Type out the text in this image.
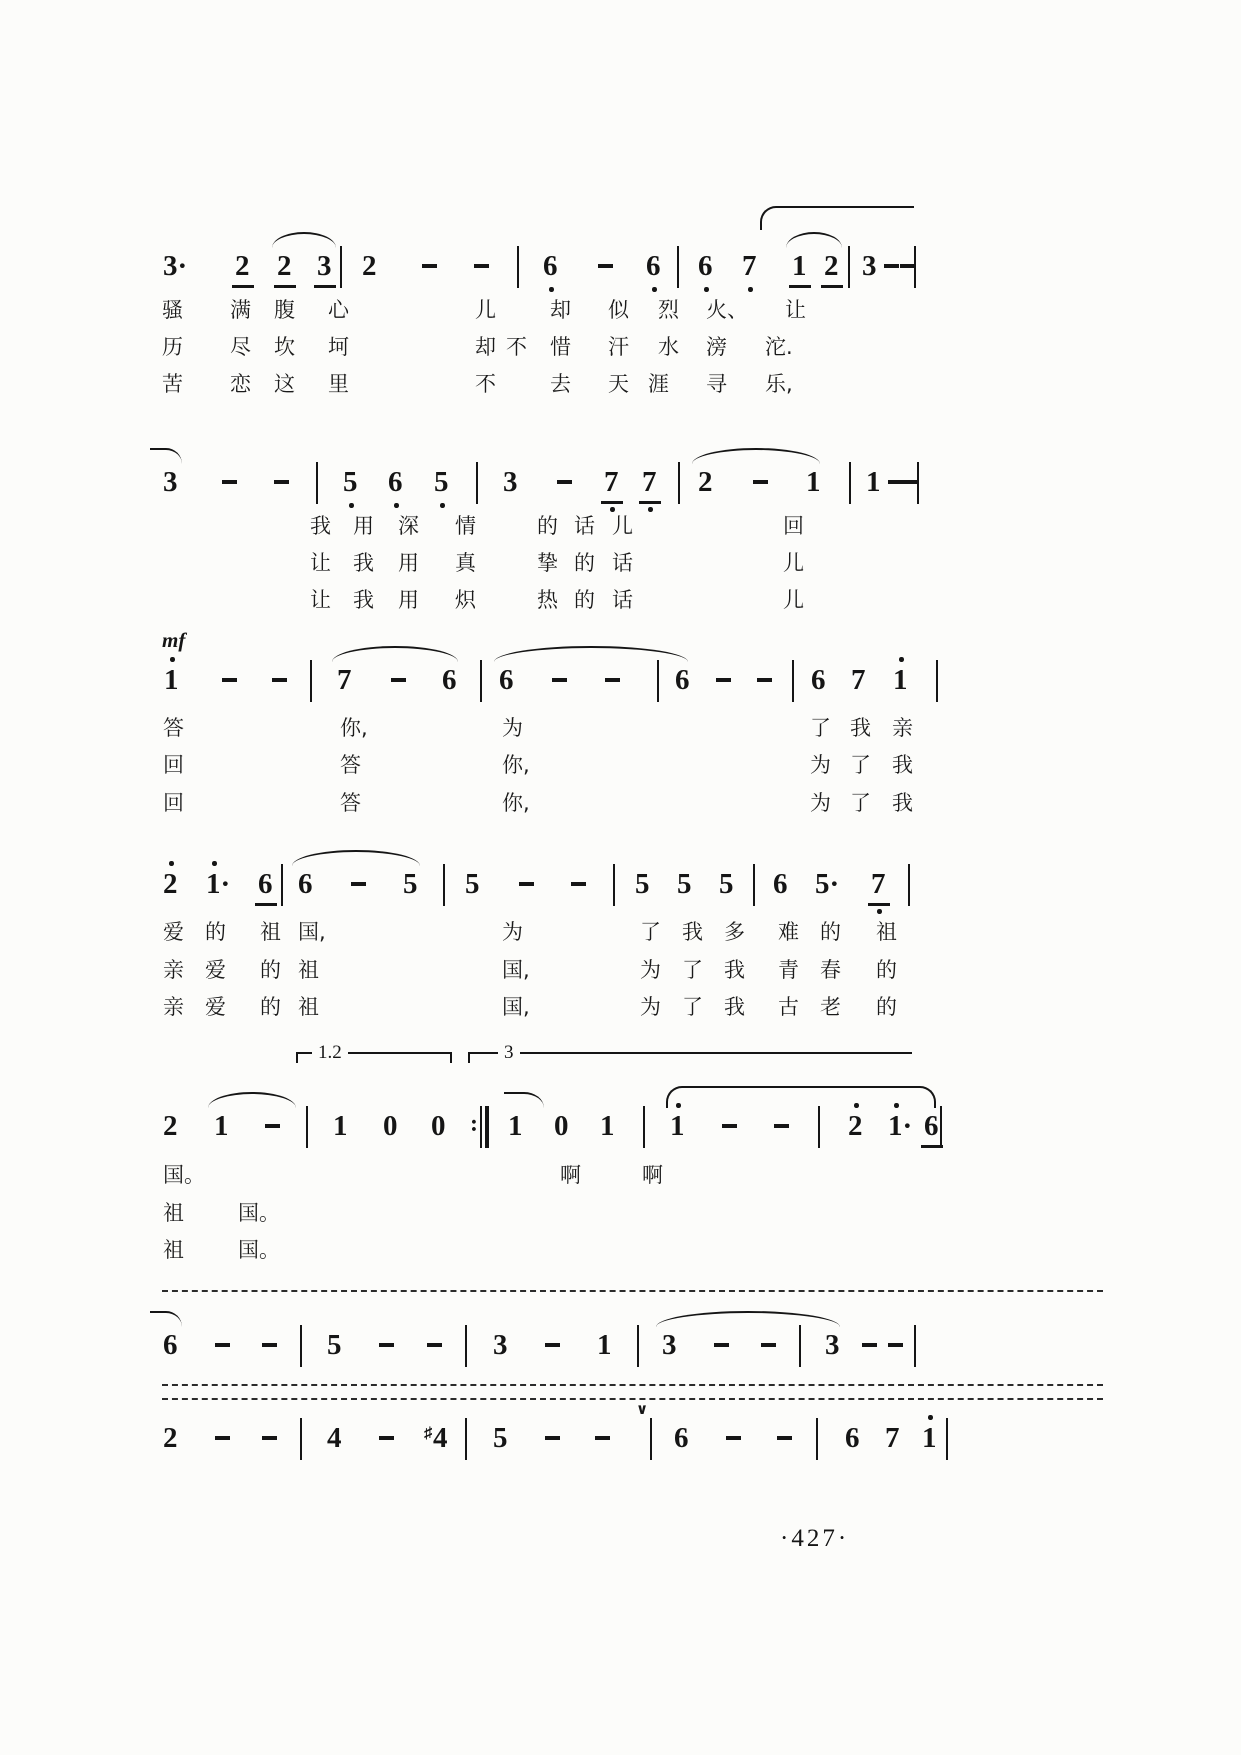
3· 2 2 3 2	6	6 6 7 1 2 3
骚 满 腹 心	儿	却 似 烈 火、 让
历 尽 坎 坷	却 不 惜 汗 水 滂 沱.
苦 恋 这 里	不	去 天 涯 寻 乐,
3	5 6 5 3	7 7 2	1 1
我 用 深 情	的 话 儿	回
让 我 用 真	挚 的 话	儿
让 我 用 炽	热 的 话	儿
1	7	6 6	6	6 7 1
mf
答	你,	为	了 我 亲
回	答	你,	为 了 我
回	答	你,	为 了 我
2 1· 6 6	5 5	5 5 5 6 5· 7
爱 的 祖 国,	为	了 我 多 难 的 祖
亲 爱 的 祖	国,	为 了 我 青 春 的
亲 爱 的 祖	国,	为 了 我 古 老 的
2 1	1 0 0 : 1 0 1 1	2 1· 6
1.2	3
国。	啊	啊
祖	国。
祖	国。
6	5	3	1 3	3
2	4	♯4 5
∨
6	6 7 1
·427·
